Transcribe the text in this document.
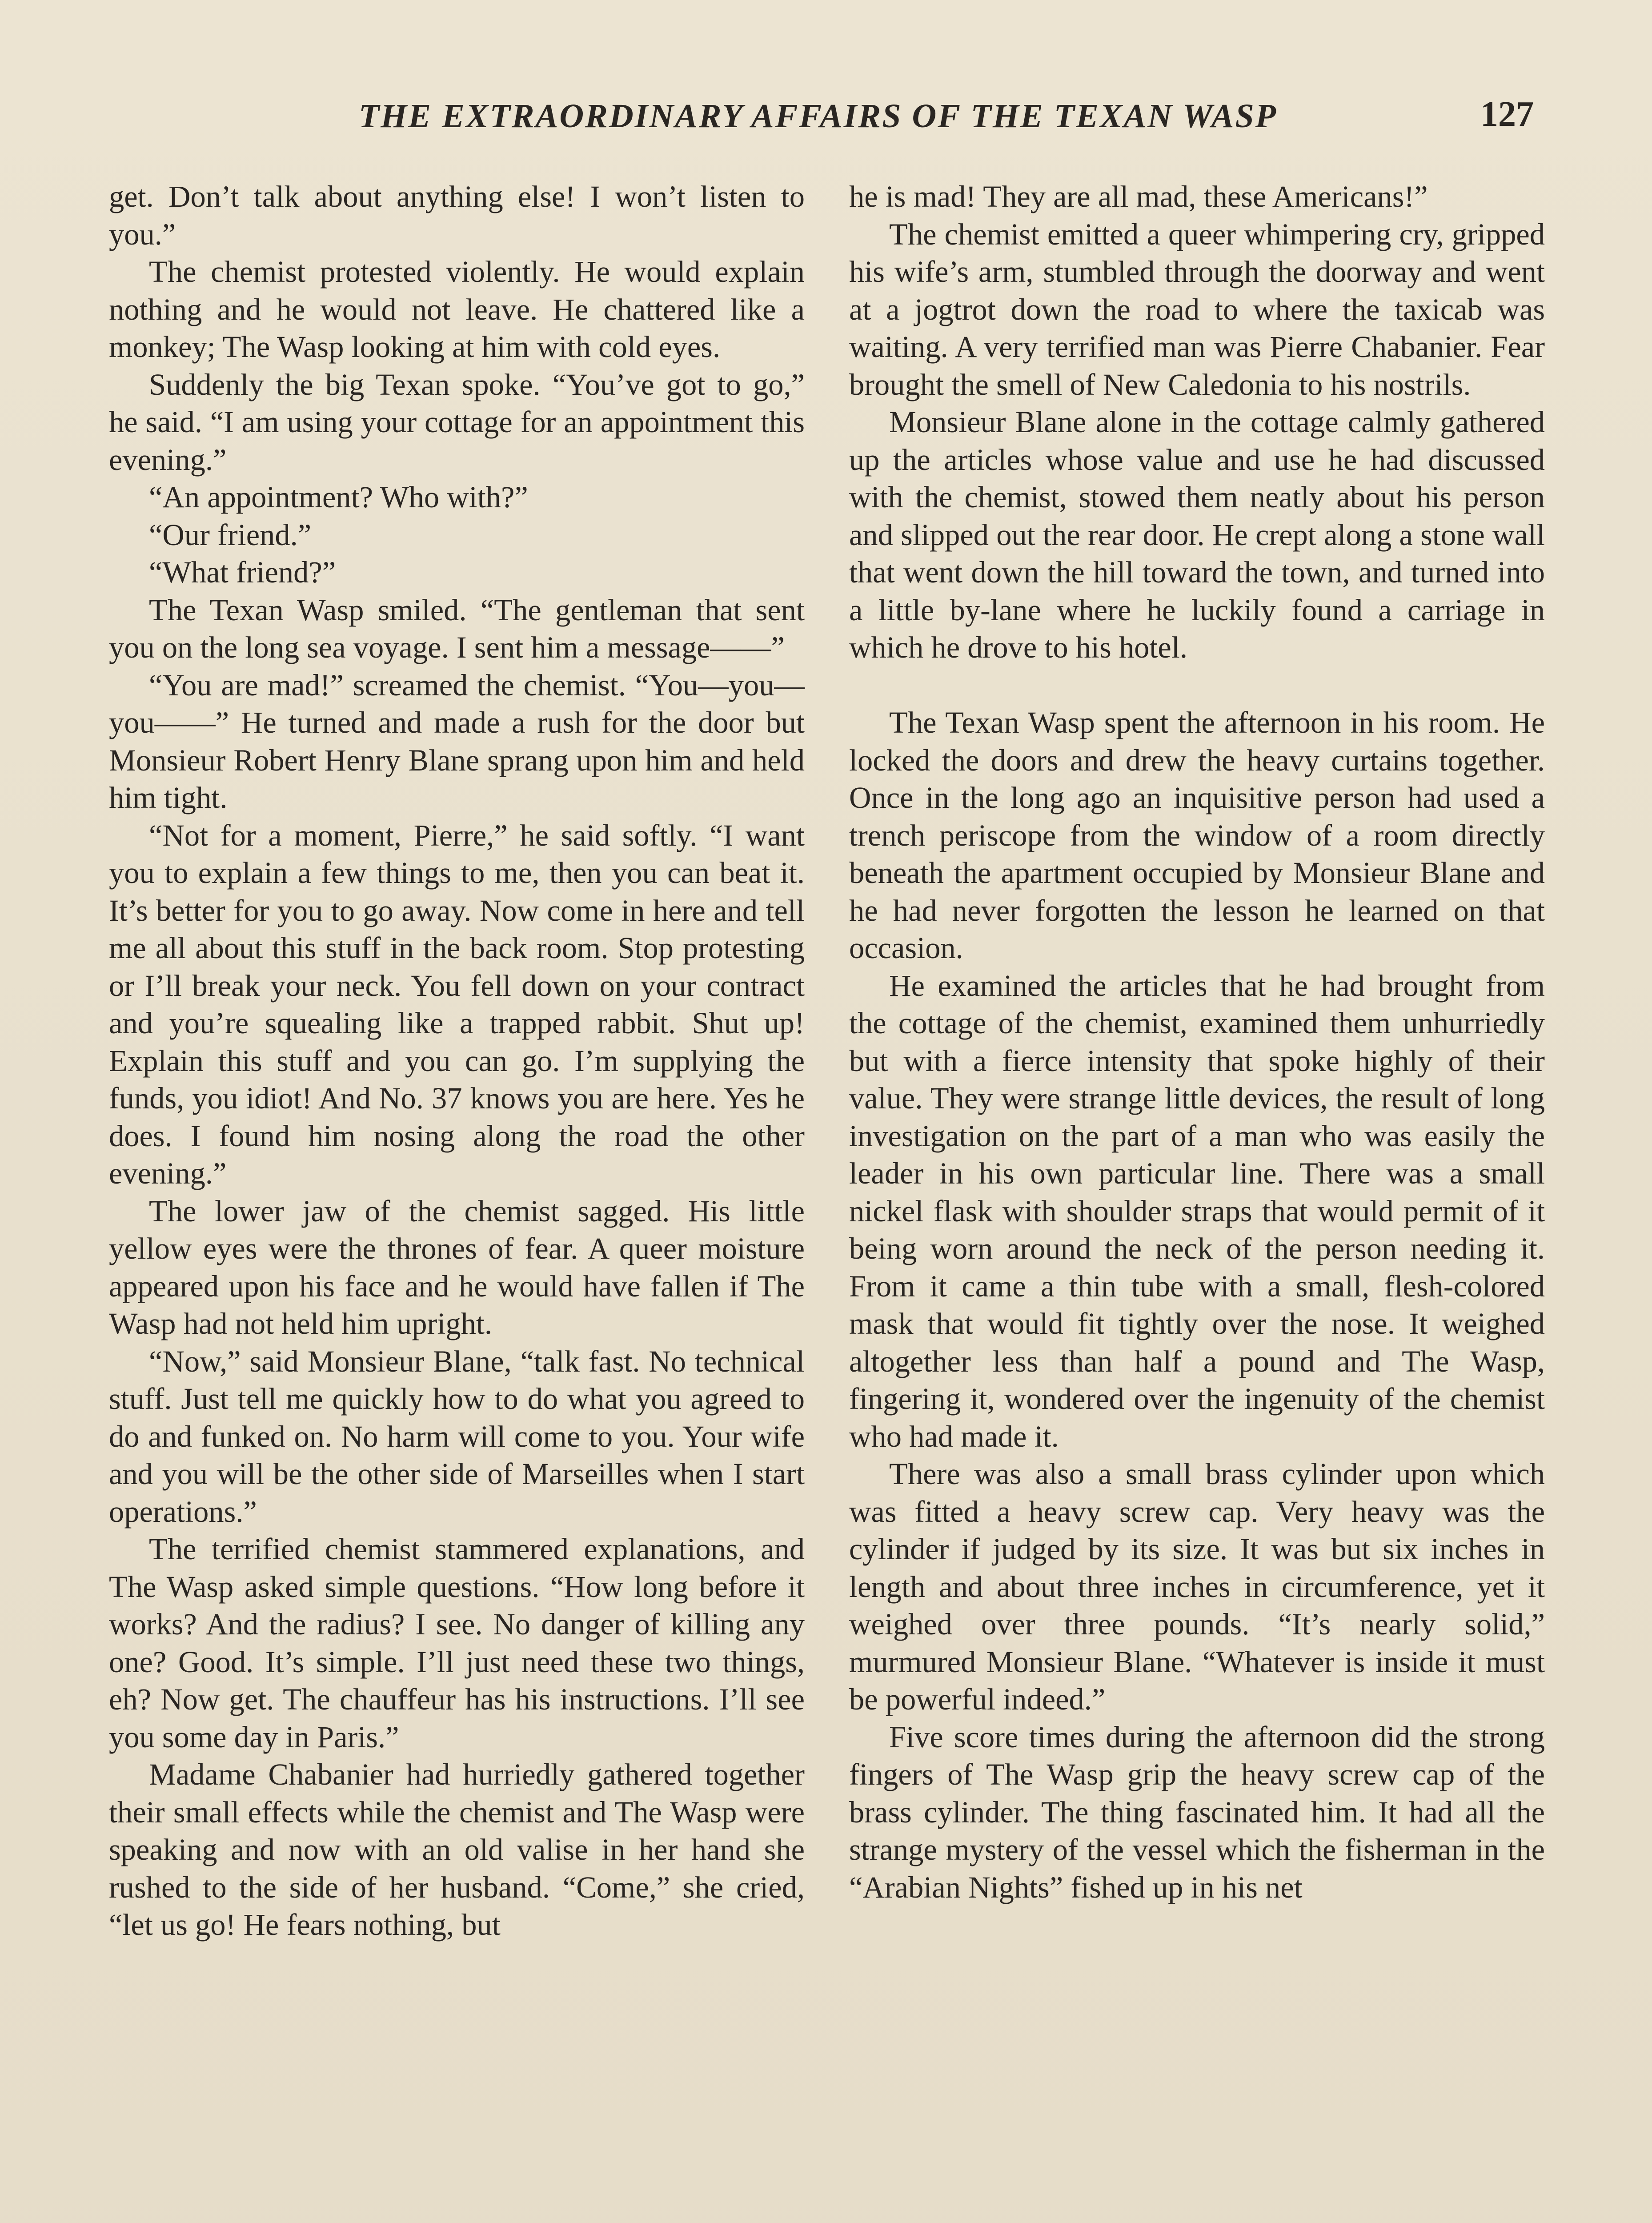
THE EXTRAORDINARY AFFAIRS OF THE TEXAN WASP	127

get. Don’t talk about anything else! I won’t listen to you.”

The chemist protested violently. He would explain nothing and he would not leave. He chattered like a monkey; The Wasp looking at him with cold eyes.

Suddenly the big Texan spoke. “You’ve got to go,” he said. “I am using your cottage for an appointment this evening.”

“An appointment? Who with?”

“Our friend.”

“What friend?”

The Texan Wasp smiled. “The gentleman that sent you on the long sea voyage. I sent him a message——”

“You are mad!” screamed the chemist. “You—you—you——” He turned and made a rush for the door but Monsieur Robert Henry Blane sprang upon him and held him tight.

“Not for a moment, Pierre,” he said softly. “I want you to explain a few things to me, then you can beat it. It’s better for you to go away. Now come in here and tell me all about this stuff in the back room. Stop protesting or I’ll break your neck. You fell down on your contract and you’re squealing like a trapped rabbit. Shut up! Explain this stuff and you can go. I’m supplying the funds, you idiot! And No. 37 knows you are here. Yes he does. I found him nosing along the road the other evening.”

The lower jaw of the chemist sagged. His little yellow eyes were the thrones of fear. A queer moisture appeared upon his face and he would have fallen if The Wasp had not held him upright.

“Now,” said Monsieur Blane, “talk fast. No technical stuff. Just tell me quickly how to do what you agreed to do and funked on. No harm will come to you. Your wife and you will be the other side of Marseilles when I start operations.”

The terrified chemist stammered explanations, and The Wasp asked simple questions. “How long before it works? And the radius? I see. No danger of killing any one? Good. It’s simple. I’ll just need these two things, eh? Now get. The chauffeur has his instructions. I’ll see you some day in Paris.”

Madame Chabanier had hurriedly gathered together their small effects while the chemist and The Wasp were speaking and now with an old valise in her hand she rushed to the side of her husband. “Come,” she cried, “let us go! He fears nothing, but

he is mad! They are all mad, these Americans!”

The chemist emitted a queer whimpering cry, gripped his wife’s arm, stumbled through the doorway and went at a jogtrot down the road to where the taxicab was waiting. A very terrified man was Pierre Chabanier. Fear brought the smell of New Caledonia to his nostrils.

Monsieur Blane alone in the cottage calmly gathered up the articles whose value and use he had discussed with the chemist, stowed them neatly about his person and slipped out the rear door. He crept along a stone wall that went down the hill toward the town, and turned into a little by-lane where he luckily found a carriage in which he drove to his hotel.

The Texan Wasp spent the afternoon in his room. He locked the doors and drew the heavy curtains together. Once in the long ago an inquisitive person had used a trench periscope from the window of a room directly beneath the apartment occupied by Monsieur Blane and he had never forgotten the lesson he learned on that occasion.

He examined the articles that he had brought from the cottage of the chemist, examined them unhurriedly but with a fierce intensity that spoke highly of their value. They were strange little devices, the result of long investigation on the part of a man who was easily the leader in his own particular line. There was a small nickel flask with shoulder straps that would permit of it being worn around the neck of the person needing it. From it came a thin tube with a small, flesh-colored mask that would fit tightly over the nose. It weighed altogether less than half a pound and The Wasp, fingering it, wondered over the ingenuity of the chemist who had made it.

There was also a small brass cylinder upon which was fitted a heavy screw cap. Very heavy was the cylinder if judged by its size. It was but six inches in length and about three inches in circumference, yet it weighed over three pounds. “It’s nearly solid,” murmured Monsieur Blane. “Whatever is inside it must be powerful indeed.”

Five score times during the afternoon did the strong fingers of The Wasp grip the heavy screw cap of the brass cylinder. The thing fascinated him. It had all the strange mystery of the vessel which the fisherman in the “Arabian Nights” fished up in his net
